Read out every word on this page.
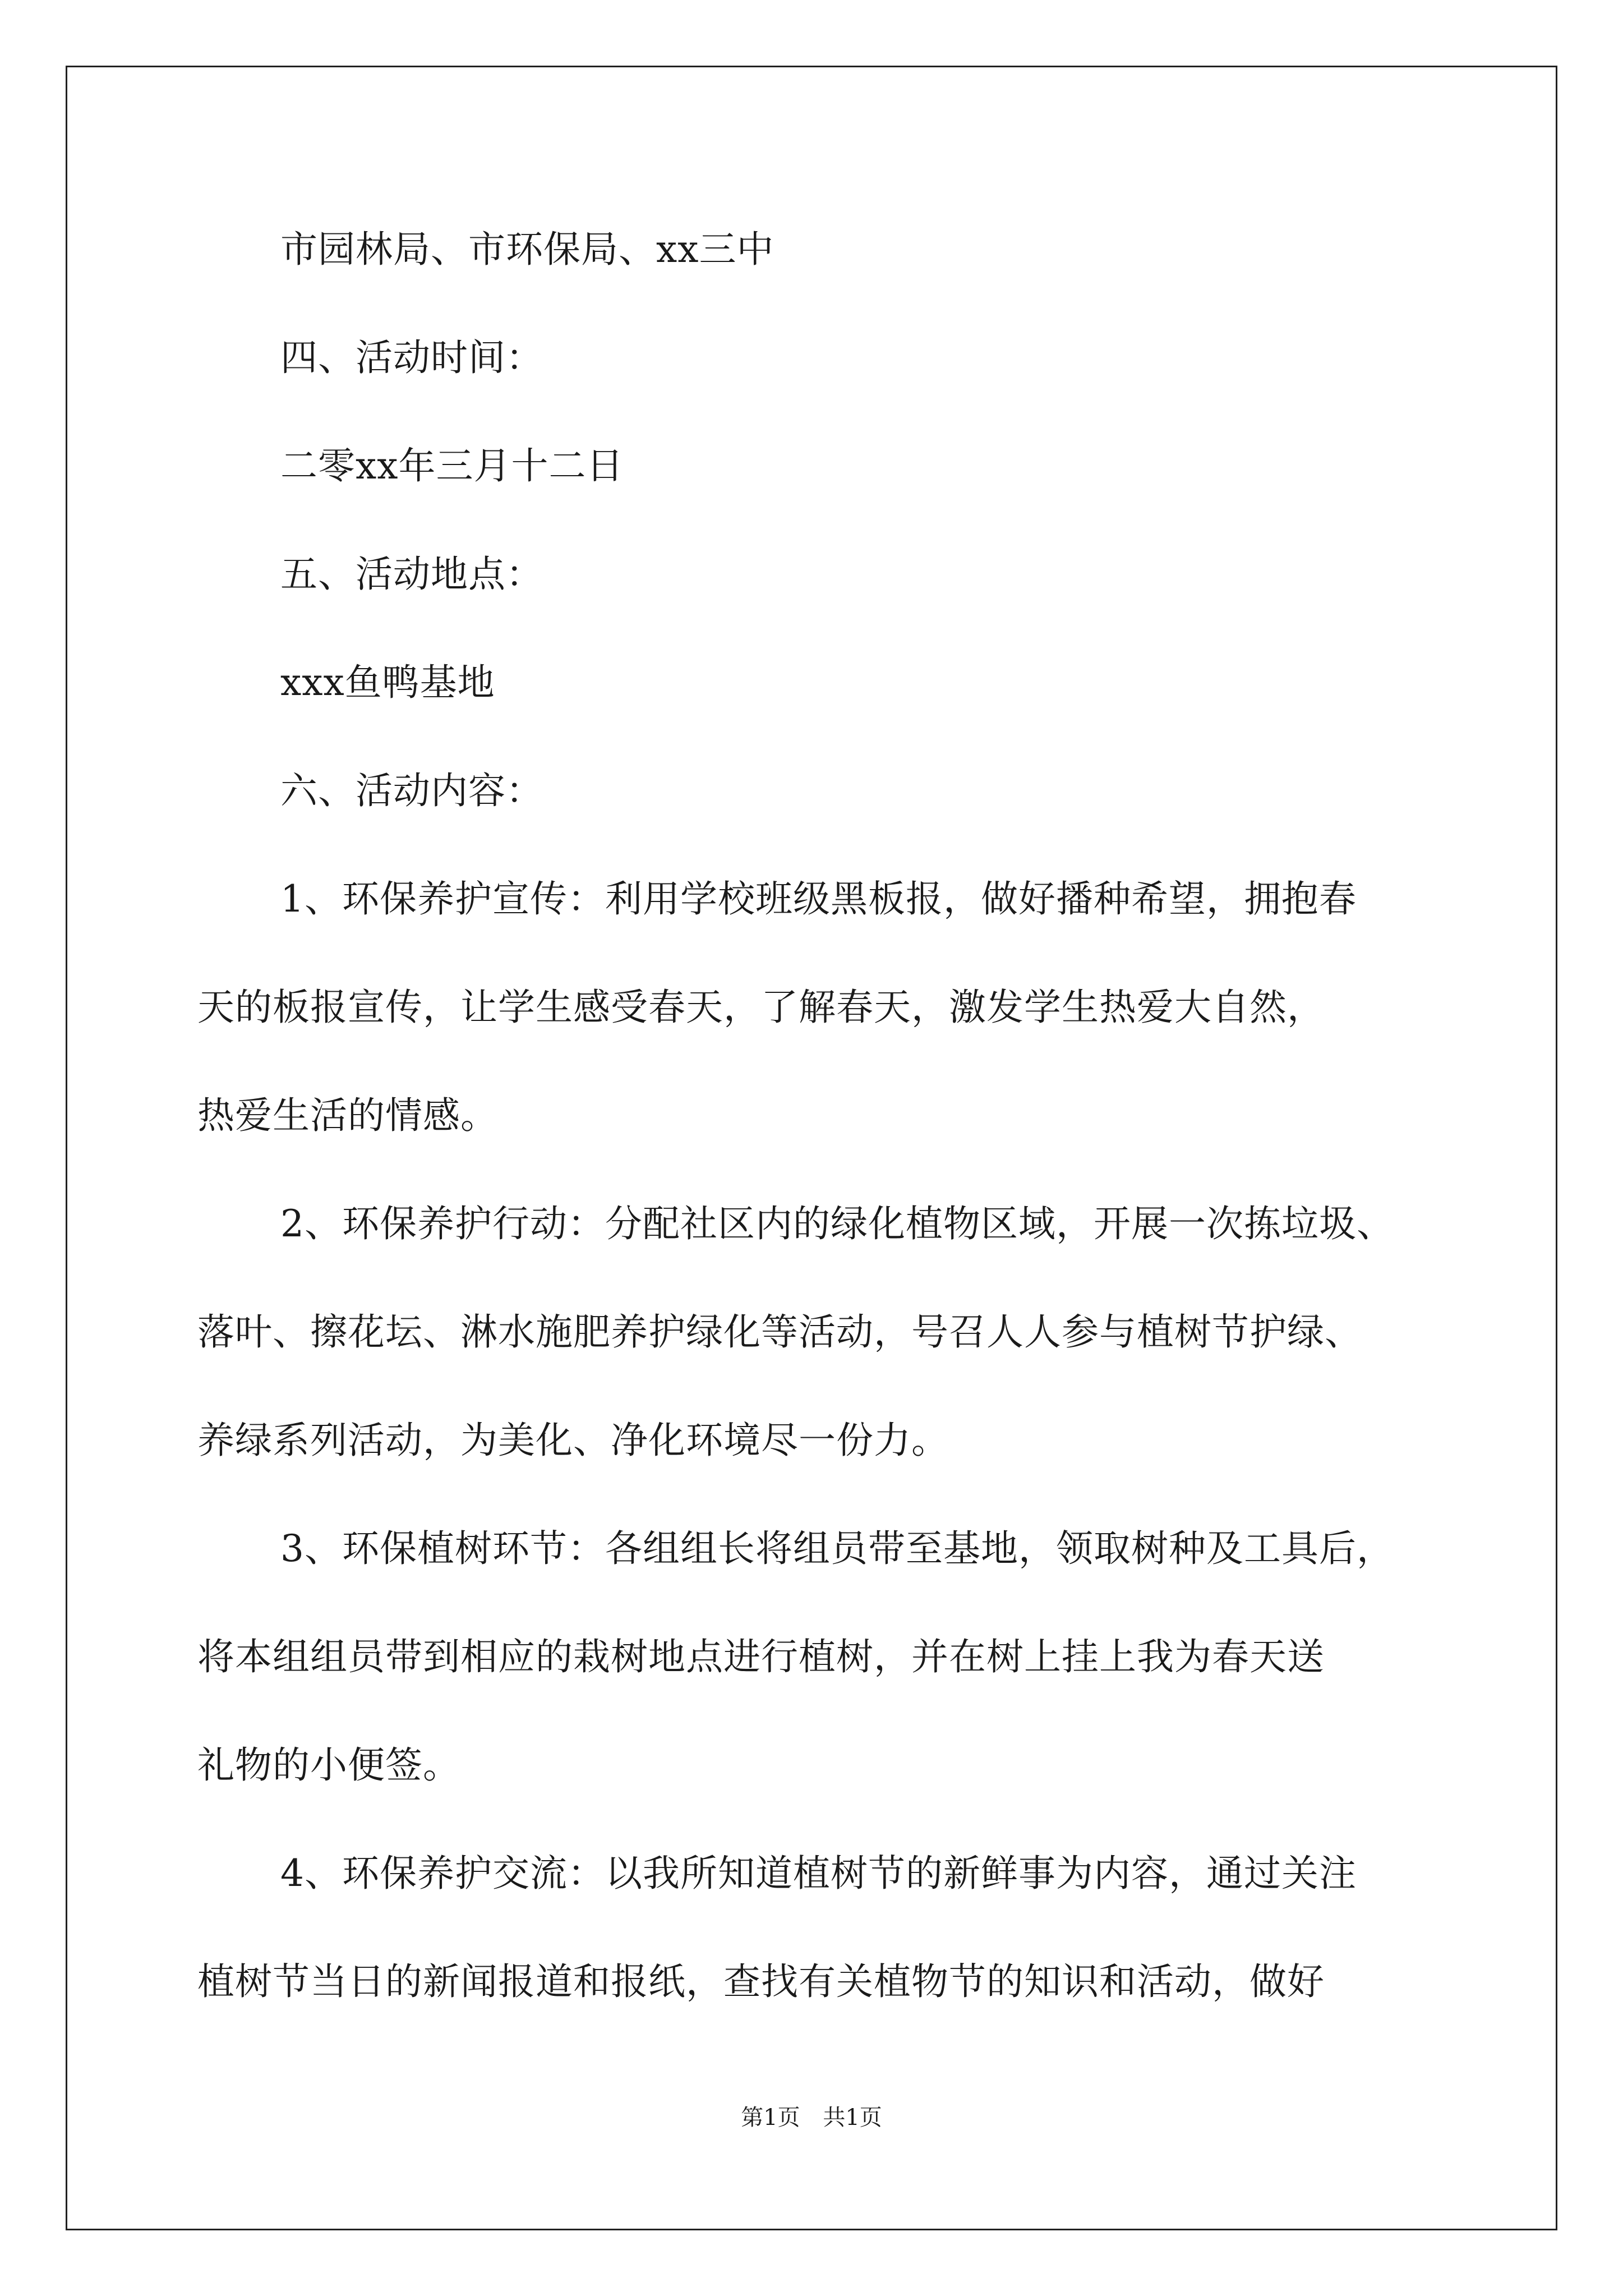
市园林局、市环保局、xx三中
四、活动时间：
二零xx年三月十二日
五、活动地点：
xxx鱼鸭基地
六、活动内容：
1、环保养护宣传：利用学校班级黑板报，做好播种希望，拥抱春
天的板报宣传，让学生感受春天，了解春天，激发学生热爱大自然，
热爱生活的情感。
2、环保养护行动：分配社区内的绿化植物区域，开展一次拣垃圾、
落叶、擦花坛、淋水施肥养护绿化等活动，号召人人参与植树节护绿、
养绿系列活动，为美化、净化环境尽一份力。
3、环保植树环节：各组组长将组员带至基地，领取树种及工具后，
将本组组员带到相应的栽树地点进行植树，并在树上挂上我为春天送
礼物的小便签。
4、环保养护交流：以我所知道植树节的新鲜事为内容，通过关注
植树节当日的新闻报道和报纸，查找有关植物节的知识和活动，做好
第1页 共1页
